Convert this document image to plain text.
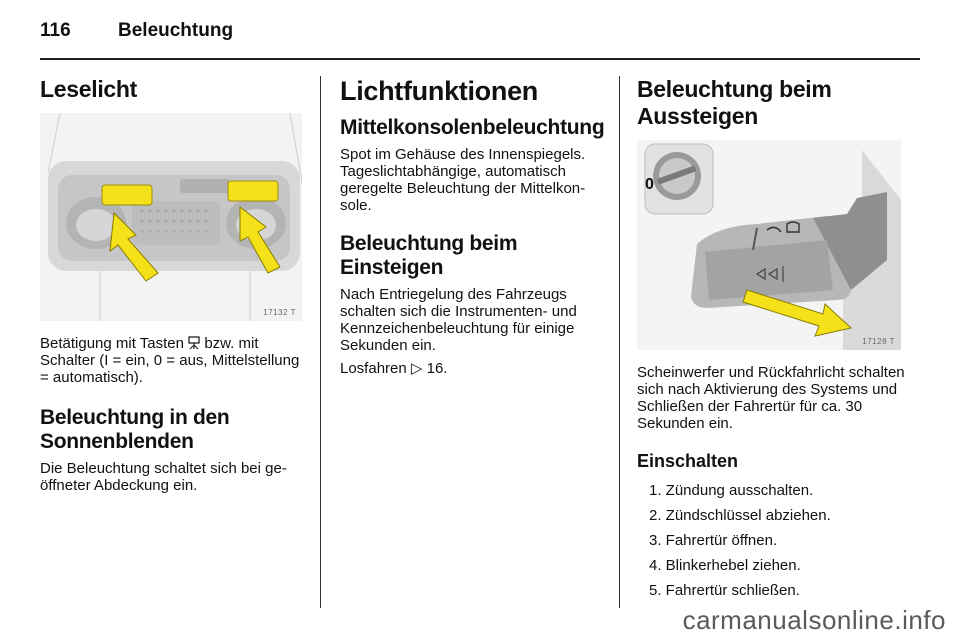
116 Beleuchtung
Leselicht
17132 T

Betätigung mit Tasten  bzw. mit Schalter (I = ein, 0 = aus, Mittelstellung = automatisch).

Beleuchtung in den Sonnenblenden

Die Beleuchtung schaltet sich bei geöffneter Abdeckung ein.

Lichtfunktionen
Mittelkonsolenbeleuchtung

Spot im Gehäuse des Innenspiegels. Tageslichtabhängige, automatisch geregelte Beleuchtung der Mittelkonsole.

Beleuchtung beim Einsteigen

Nach Entriegelung des Fahrzeugs schalten sich die Instrumenten- und Kennzeichenbeleuchtung für einige Sekunden ein.

Losfahren ▷ 16.

Beleuchtung beim Aussteigen
0
17128 T

Scheinwerfer und Rückfahrlicht schalten sich nach Aktivierung des Systems und Schließen der Fahrertür für ca. 30 Sekunden ein.

Einschalten
1. Zündung ausschalten.
2. Zündschlüssel abziehen.
3. Fahrertür öffnen.
4. Blinkerhebel ziehen.
5. Fahrertür schließen.
carmanualsonline.info
